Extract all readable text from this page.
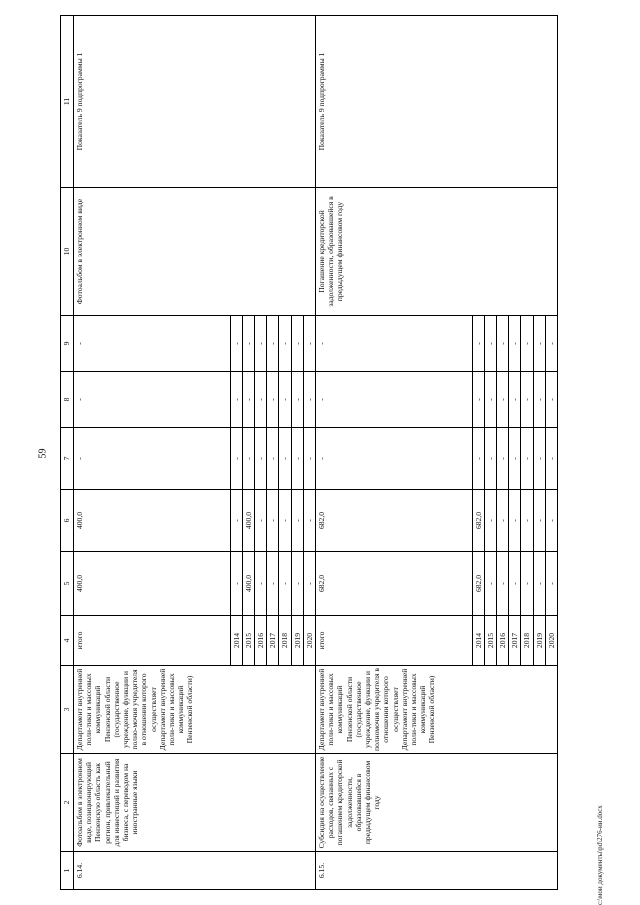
59
1	2	3	4	5	6	7	8	9	10	11
6.14.	Фотоальбом в электронном виде, позиционирующий Пензенскую область как регион, привлекательный для инвестиций и развития бизнеса, с переводом на иностранные языки	Департамент внутренней поли-тики и массовых коммуникаций Пензенской области (государственное учреждение, функции и полно-мочия учредителя в отношении которого осуществляет Департамент внутренней поли-тики и массовых коммуникаций Пензенской области)	итого	400,0	400,0	-	-	-	Фотоальбом в электронном виде	Показатель 9 подпрограммы 1
			2014	-	-	-	-	-		
			2015	400,0	400,0	-	-	-		
			2016	-	-	-	-	-		
			2017	-	-	-	-	-		
			2018	-	-	-	-	-		
			2019	-	-	-	-	-		
			2020	-	-	-	-	-		
6.15.	Субсидия на осуществление расходов, связанных с погашением кредиторской задолженности, образовавшейся в предыдущем финансовом году	Департамент внутренней поли-тики и массовых коммуникаций Пензенской области (государственное учреждение, функции и полномочия учредителя в отношении которого осуществляет Департамент внутренней поли-тики и массовых коммуникаций Пензенской области)	итого	682,0	682,0	-	-	-	Погашение кредиторской задолженности, образовавшейся в предыдущем финансовом году	Показатель 9 подпрограммы 1
			2014	682,0	682,0	-	-	-		
			2015	-	-	-	-	-		
			2016	-	-	-	-	-		
			2017	-	-	-	-	-		
			2018	-	-	-	-	-		
			2019	-	-	-	-	-		
			2020	-	-	-	-	-		
с:\мои документы\pd\276-ии.docx
